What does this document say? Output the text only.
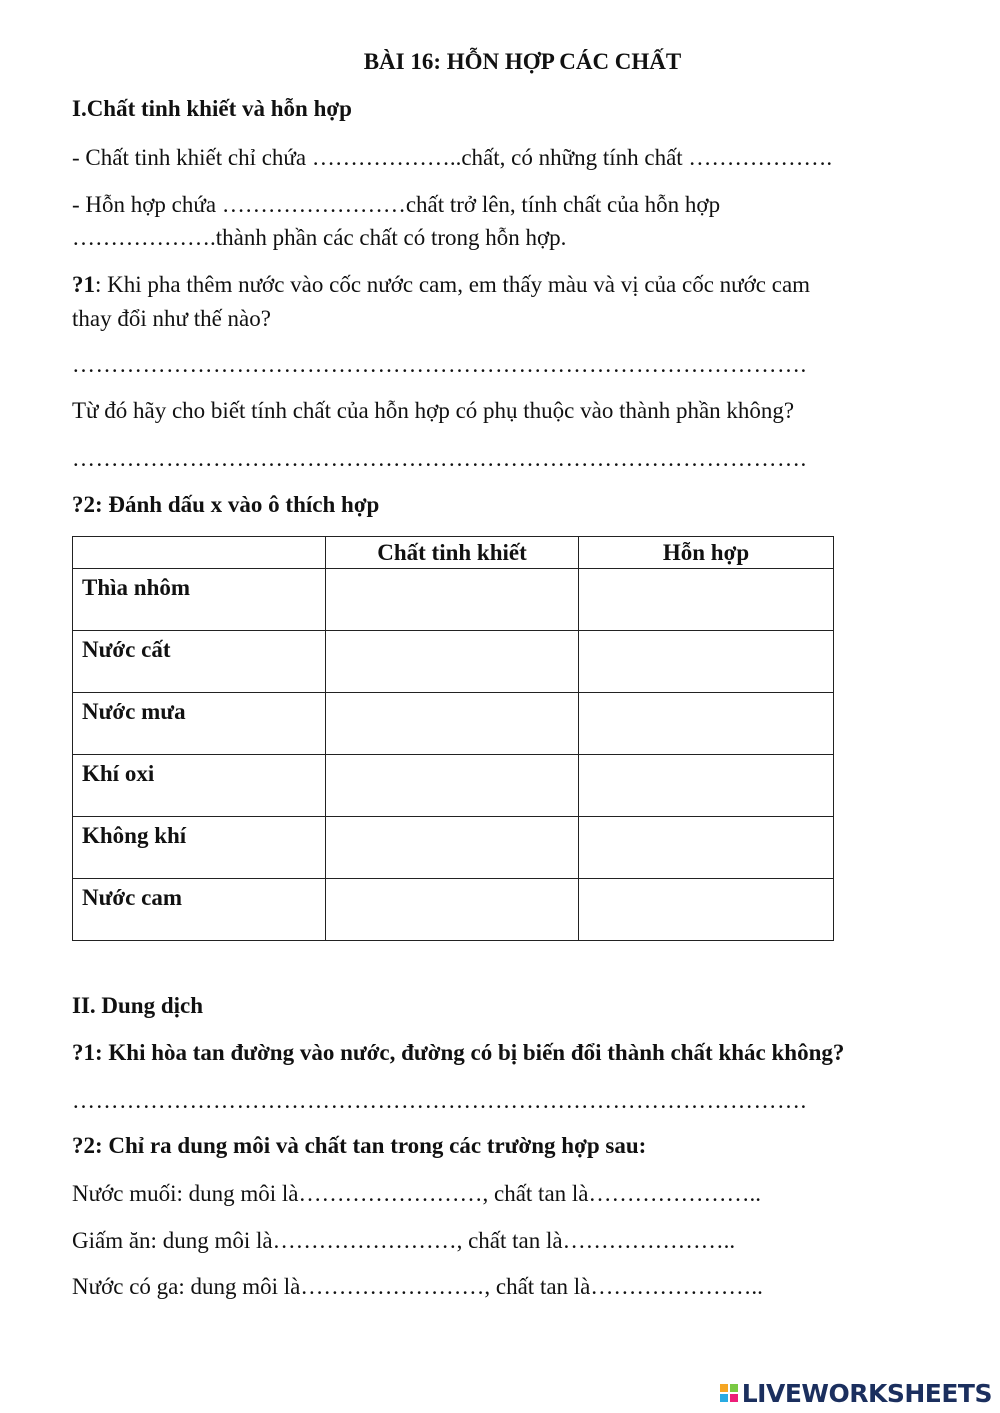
BÀI 16: HỖN HỢP CÁC CHẤT
I.Chất tinh khiết và hỗn hợp
- Chất tinh khiết chỉ chứa ………………..chất, có những tính chất ……………….
- Hỗn hợp chứa ……………………chất trở lên, tính chất của hỗn hợp
……………….thành phần các chất có trong hỗn hợp.
?1: Khi pha thêm nước vào cốc nước cam, em thấy màu và vị của cốc nước cam
thay đổi như thế nào?
………………………………………………………………………………….
Từ đó hãy cho biết tính chất của hỗn hợp có phụ thuộc vào thành phần không?
………………………………………………………………………………….
?2: Đánh dấu x vào ô thích hợp
	Chất tinh khiết	Hỗn hợp
Thìa nhôm		
Nước cất		
Nước mưa		
Khí oxi		
Không khí		
Nước cam		
II. Dung dịch
?1: Khi hòa tan đường vào nước, đường có bị biến đổi thành chất khác không?
………………………………………………………………………………….
?2: Chỉ ra dung môi và chất tan trong các trường hợp sau:
Nước muối: dung môi là……………………, chất tan là…………………..
Giấm ăn: dung môi là……………………, chất tan là…………………..
Nước có ga: dung môi là……………………, chất tan là…………………..
LIVEWORKSHEETS
